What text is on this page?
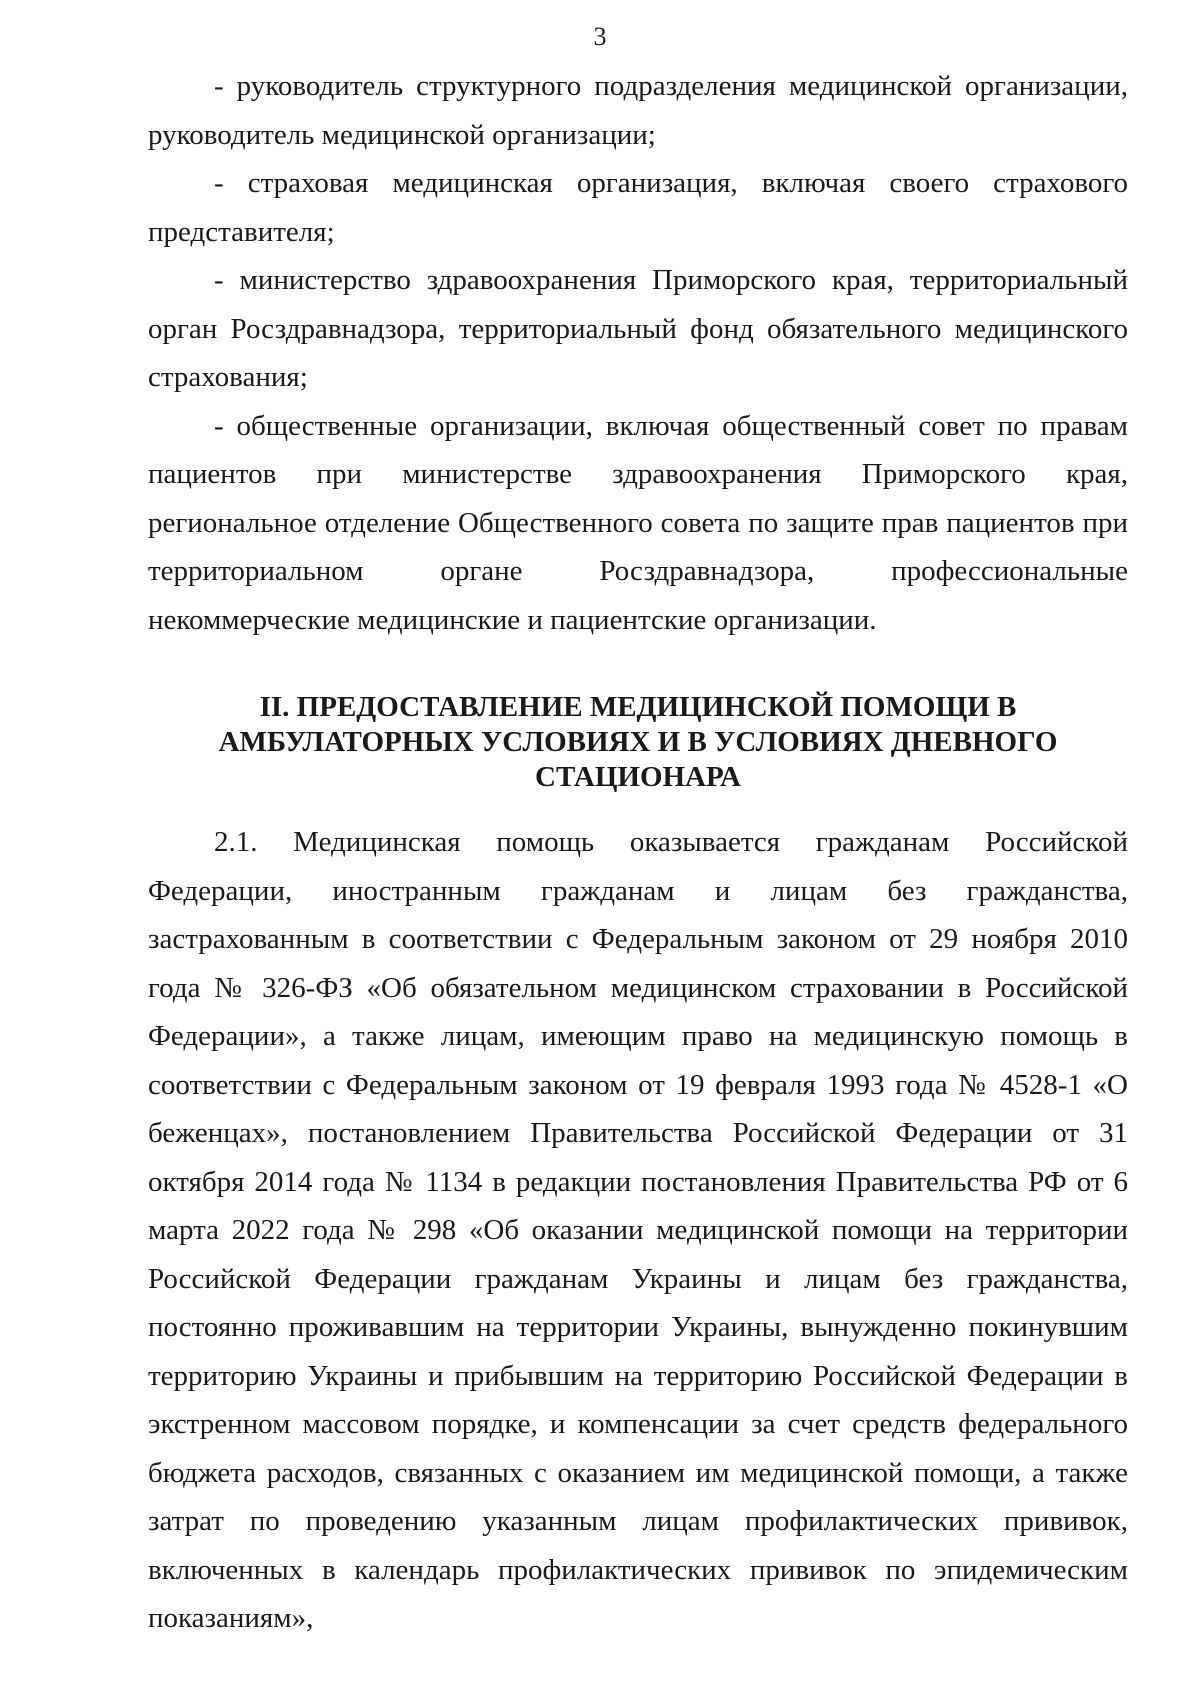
3

- руководитель структурного подразделения медицинской организации, руководитель медицинской организации;

- страховая медицинская организация, включая своего страхового представителя;

- министерство здравоохранения Приморского края, территориальный орган Росздравнадзора, территориальный фонд обязательного медицинского страхования;

- общественные организации, включая общественный совет по правам пациентов при министерстве здравоохранения Приморского края, региональное отделение Общественного совета по защите прав пациентов при территориальном органе Росздравнадзора, профессиональные некоммерческие медицинские и пациентские организации.

II. ПРЕДОСТАВЛЕНИЕ МЕДИЦИНСКОЙ ПОМОЩИ В
АМБУЛАТОРНЫХ УСЛОВИЯХ И В УСЛОВИЯХ ДНЕВНОГО
СТАЦИОНАРА

2.1. Медицинская помощь оказывается гражданам Российской Федерации, иностранным гражданам и лицам без гражданства, застрахованным в соответствии с Федеральным законом от 29 ноября 2010 года № 326-ФЗ «Об обязательном медицинском страховании в Российской Федерации», а также лицам, имеющим право на медицинскую помощь в соответствии с Федеральным законом от 19 февраля 1993 года № 4528-1 «О беженцах», постановлением Правительства Российской Федерации от 31 октября 2014 года № 1134 в редакции постановления Правительства РФ от 6 марта 2022 года № 298 «Об оказании медицинской помощи на территории Российской Федерации гражданам Украины и лицам без гражданства, постоянно проживавшим на территории Украины, вынужденно покинувшим территорию Украины и прибывшим на территорию Российской Федерации в экстренном массовом порядке, и компенсации за счет средств федерального бюджета расходов, связанных с оказанием им медицинской помощи, а также затрат по проведению указанным лицам профилактических прививок, включенных в календарь профилактических прививок по эпидемическим показаниям»,
